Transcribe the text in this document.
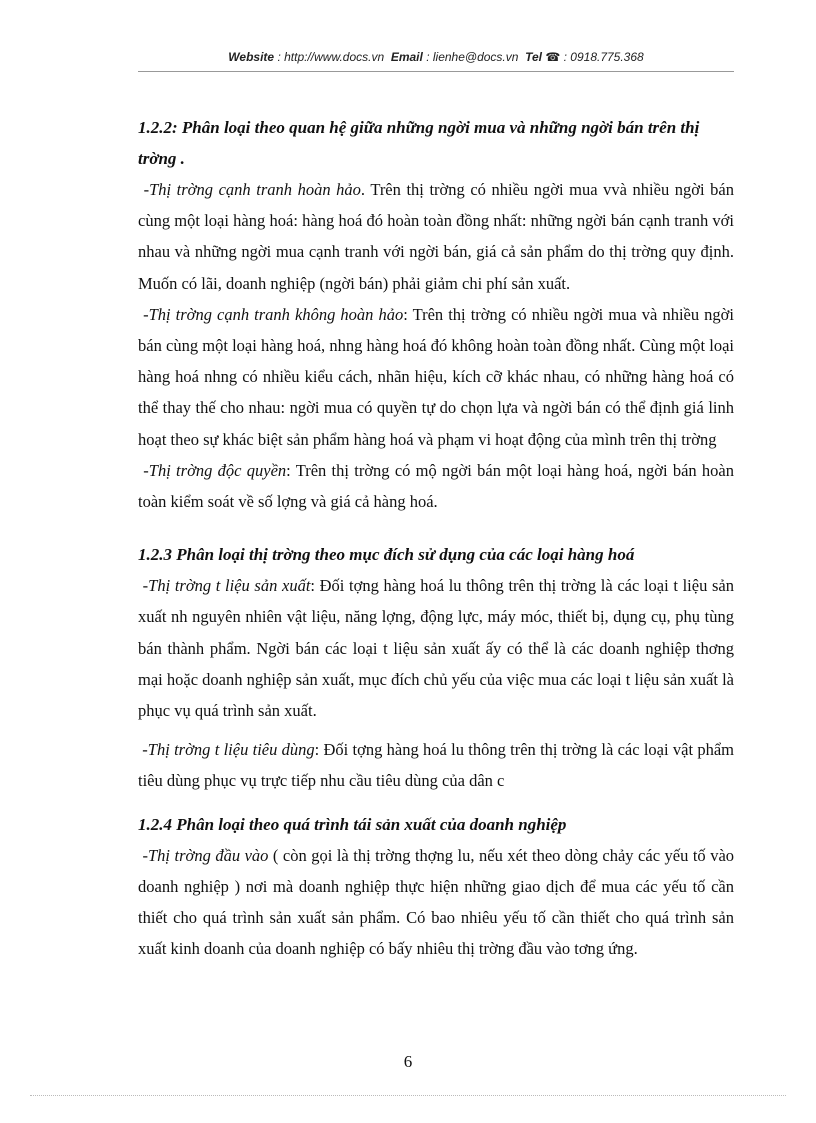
Website : http://www.docs.vn Email : lienhe@docs.vn Tel ☎ : 0918.775.368

1.2.2: Phân loại theo quan hệ giữa những ngời mua và những ngời bán trên thị trờng .

-Thị trờng cạnh tranh hoàn hảo. Trên thị trờng có nhiều ngời mua vvà nhiều ngời bán cùng một loại hàng hoá: hàng hoá đó hoàn toàn đồng nhất: những ngời bán cạnh tranh với nhau và những ngời mua cạnh tranh với ngời bán, giá cả sản phẩm do thị trờng quy định. Muốn có lãi, doanh nghiệp (ngời bán) phải giảm chi phí sản xuất.

-Thị trờng cạnh tranh không hoàn hảo: Trên thị trờng có nhiều ngời mua và nhiều ngời bán cùng một loại hàng hoá, nhng hàng hoá đó không hoàn toàn đồng nhất. Cùng một loại hàng hoá nhng có nhiều kiểu cách, nhãn hiệu, kích cỡ khác nhau, có những hàng hoá có thể thay thế cho nhau: ngời mua có quyền tự do chọn lựa và ngời bán có thể định giá linh hoạt theo sự khác biệt sản phẩm hàng hoá và phạm vi hoạt động của mình trên thị trờng

-Thị trờng độc quyền: Trên thị trờng có mộ ngời bán một loại hàng hoá, ngời bán hoàn toàn kiểm soát về số lợng và giá cả hàng hoá.

1.2.3 Phân loại thị trờng theo mục đích sử dụng của các loại hàng hoá

-Thị trờng t liệu sản xuất: Đối tợng hàng hoá lu thông trên thị trờng là các loại t liệu sản xuất nh nguyên nhiên vật liệu, năng lợng, động lực, máy móc, thiết bị, dụng cụ, phụ tùng bán thành phẩm. Ngời bán các loại t liệu sản xuất ấy có thể là các doanh nghiệp thơng mại hoặc doanh nghiệp sản xuất, mục đích chủ yếu của việc mua các loại t liệu sản xuất là phục vụ quá trình sản xuất.

-Thị trờng t liệu tiêu dùng: Đối tợng hàng hoá lu thông trên thị trờng là các loại vật phẩm tiêu dùng phục vụ trực tiếp nhu cầu tiêu dùng của dân c

1.2.4 Phân loại theo quá trình tái sản xuất của doanh nghiệp

-Thị trờng đầu vào ( còn gọi là thị trờng thợng lu, nếu xét theo dòng chảy các yếu tố vào doanh nghiệp ) nơi mà doanh nghiệp thực hiện những giao dịch để mua các yếu tố cần thiết cho quá trình sản xuất sản phẩm. Có bao nhiêu yếu tố cần thiết cho quá trình sản xuất kinh doanh của doanh nghiệp có bấy nhiêu thị trờng đầu vào tơng ứng.

6
